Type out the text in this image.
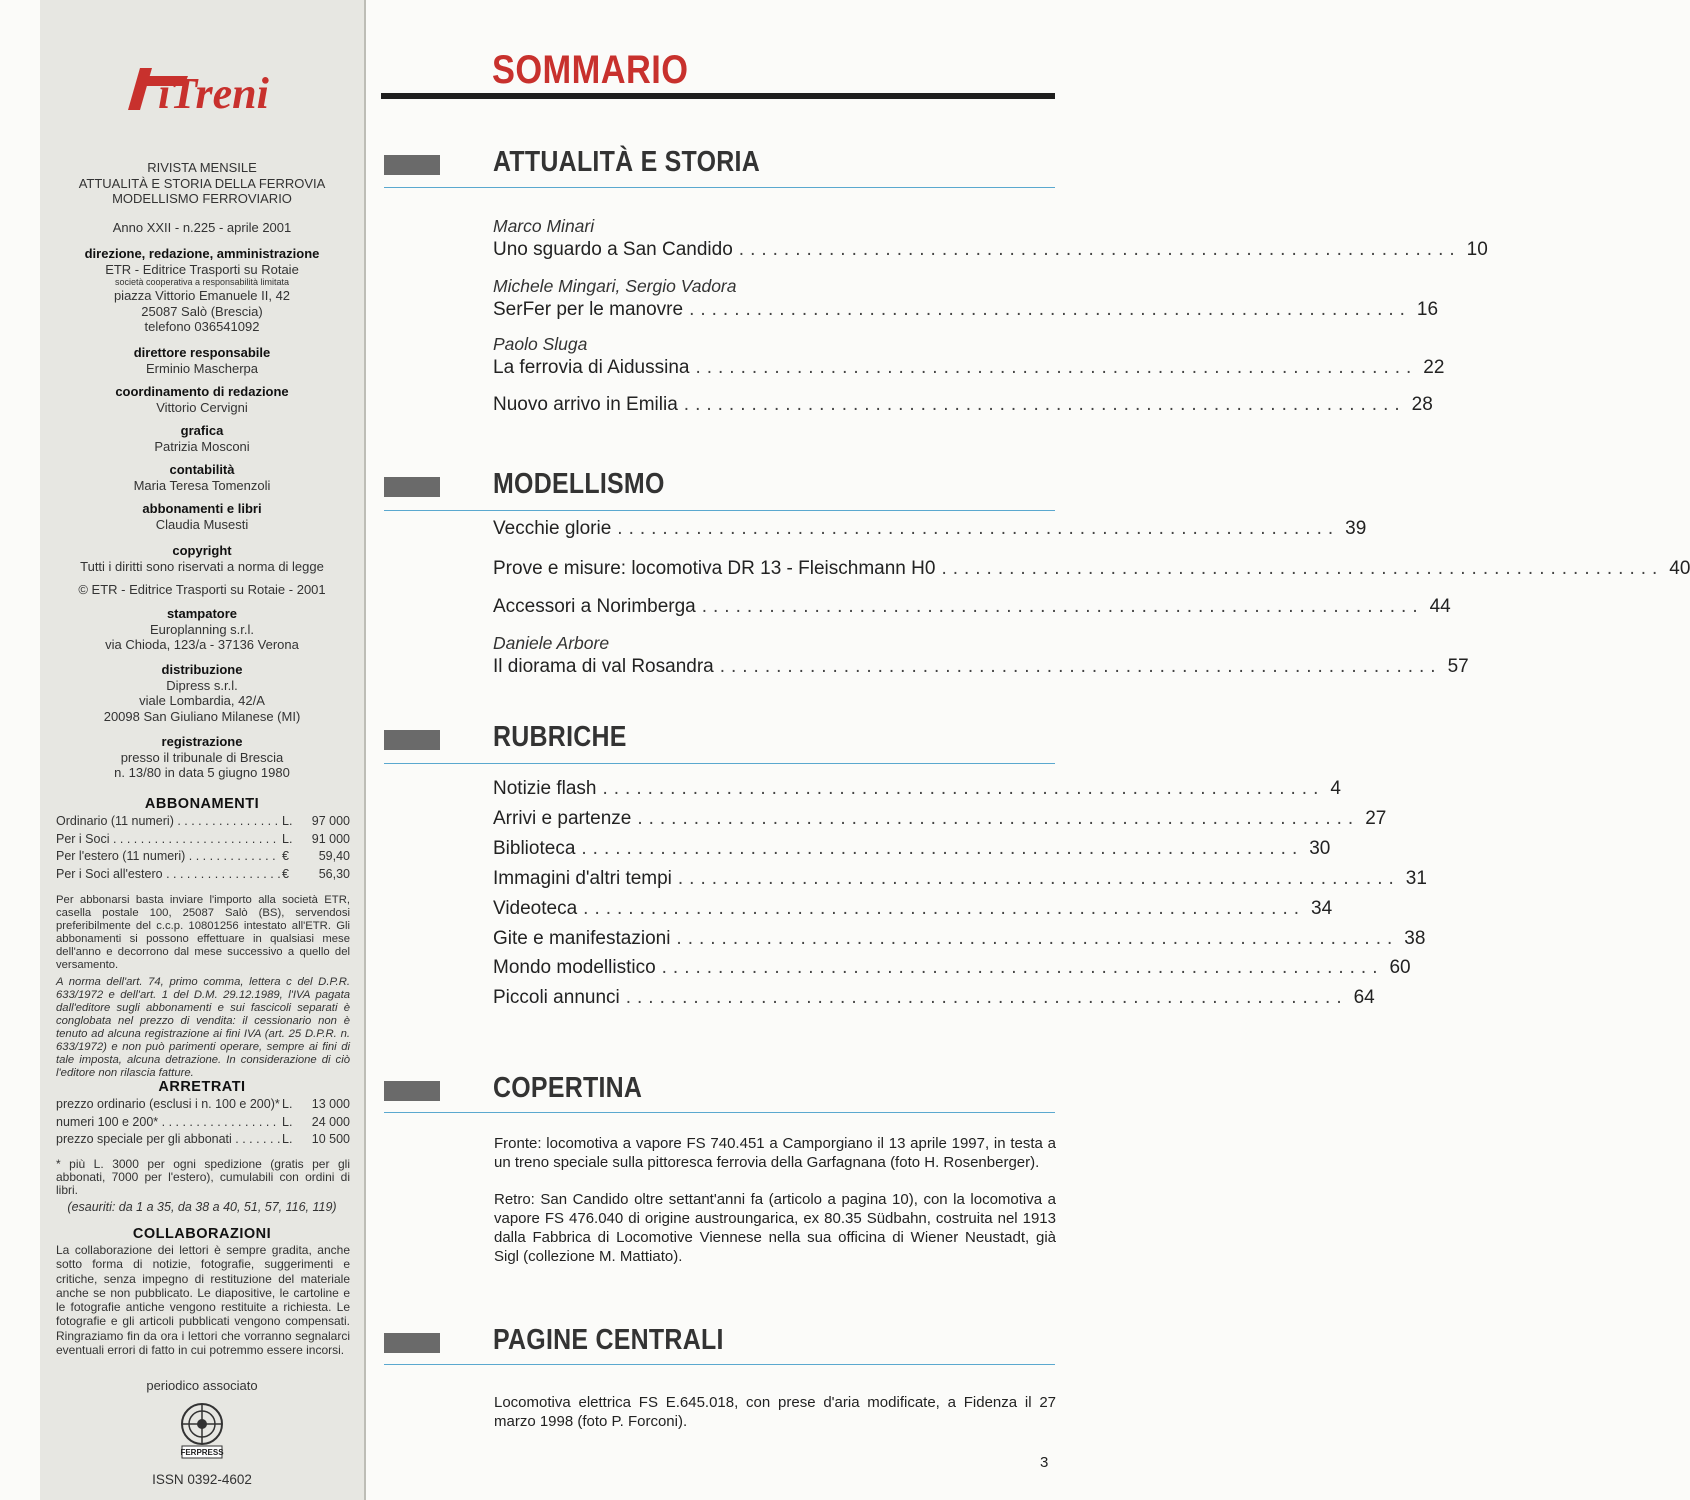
iTreni
RIVISTA MENSILE
ATTUALITÀ E STORIA DELLA FERROVIA
MODELLISMO FERROVIARIO
Anno XXII - n.225 - aprile 2001
direzione, redazione, amministrazione
ETR - Editrice Trasporti su Rotaie
società cooperativa a responsabilità limitata
piazza Vittorio Emanuele II, 42
25087 Salò (Brescia)
telefono 036541092
direttore responsabile
Erminio Mascherpa
coordinamento di redazione
Vittorio Cervigni
grafica
Patrizia Mosconi
contabilità
Maria Teresa Tomenzoli
abbonamenti e libri
Claudia Musesti
copyright
Tutti i diritti sono riservati a norma di legge
© ETR - Editrice Trasporti su Rotaie - 2001
stampatore
Europlanning s.r.l.
via Chioda, 123/a - 37136 Verona
distribuzione
Dipress s.r.l.
viale Lombardia, 42/A
20098 San Giuliano Milanese (MI)
registrazione
presso il tribunale di Brescia
n. 13/80 in data 5 giugno 1980
ABBONAMENTI
Ordinario (11 numeri) . . . . . . . . . . . . . . . L.	97 000
Per i Soci . . . . . . . . . . . . . . . . . . . . . . . . L.	91 000
Per l'estero (11 numeri) . . . . . . . . . . . . . €	59,40
Per i Soci all'estero . . . . . . . . . . . . . . . . . €	56,30
Per abbonarsi basta inviare l'importo alla società ETR, casella postale 100, 25087 Salò (BS), servendosi preferibilmente del c.c.p. 10801256 intestato all'ETR. Gli abbonamenti si possono effettuare in qualsiasi mese dell'anno e decorrono dal mese successivo a quello del versamento.
A norma dell'art. 74, primo comma, lettera c del D.P.R. 633/1972 e dell'art. 1 del D.M. 29.12.1989, l'IVA pagata dall'editore sugli abbonamenti e sui fascicoli separati è conglobata nel prezzo di vendita: il cessionario non è tenuto ad alcuna registrazione ai fini IVA (art. 25 D.P.R. n. 633/1972) e non può parimenti operare, sempre ai fini di tale imposta, alcuna detrazione. In considerazione di ciò l'editore non rilascia fatture.
ARRETRATI
prezzo ordinario (esclusi i n. 100 e 200)* L.	13 000
numeri 100 e 200* . . . . . . . . . . . . . . . . . L.	24 000
prezzo speciale per gli abbonati . . . . . . . L.	10 500
* più L. 3000 per ogni spedizione (gratis per gli abbonati, 7000 per l'estero), cumulabili con ordini di libri.
(esauriti: da 1 a 35, da 38 a 40, 51, 57, 116, 119)
COLLABORAZIONI
La collaborazione dei lettori è sempre gradita, anche sotto forma di notizie, fotografie, suggerimenti e critiche, senza impegno di restituzione del materiale anche se non pubblicato. Le diapositive, le cartoline e le fotografie antiche vengono restituite a richiesta. Le fotografie e gli articoli pubblicati vengono compensati. Ringraziamo fin da ora i lettori che vorranno segnalarci eventuali errori di fatto in cui potremmo essere incorsi.
periodico associato
FERPRESS
ISSN 0392-4602
SOMMARIO
ATTUALITÀ E STORIA
Marco Minari
Uno sguardo a San Candido ................................................................ 10
Michele Mingari, Sergio Vadora
SerFer per le manovre ................................................................ 16
Paolo Sluga
La ferrovia di Aidussina ................................................................ 22
Nuovo arrivo in Emilia ................................................................ 28
MODELLISMO
Vecchie glorie ................................................................ 39
Prove e misure: locomotiva DR 13 - Fleischmann H0 ................................................................ 40
Accessori a Norimberga ................................................................ 44
Daniele Arbore
Il diorama di val Rosandra ................................................................ 57
RUBRICHE
Notizie flash ................................................................ 4
Arrivi e partenze ................................................................ 27
Biblioteca ................................................................ 30
Immagini d'altri tempi ................................................................ 31
Videoteca ................................................................ 34
Gite e manifestazioni ................................................................ 38
Mondo modellistico ................................................................ 60
Piccoli annunci ................................................................ 64
COPERTINA
Fronte: locomotiva a vapore FS 740.451 a Camporgiano il 13 aprile 1997, in testa a un treno speciale sulla pittoresca ferrovia della Garfagnana (foto H. Rosenberger).
Retro: San Candido oltre settant'anni fa (articolo a pagina 10), con la locomotiva a vapore FS 476.040 di origine austroungarica, ex 80.35 Südbahn, costruita nel 1913 dalla Fabbrica di Locomotive Viennese nella sua officina di Wiener Neustadt, già Sigl (collezione M. Mattiato).
PAGINE CENTRALI
Locomotiva elettrica FS E.645.018, con prese d'aria modificate, a Fidenza il 27 marzo 1998 (foto P. Forconi).
3
